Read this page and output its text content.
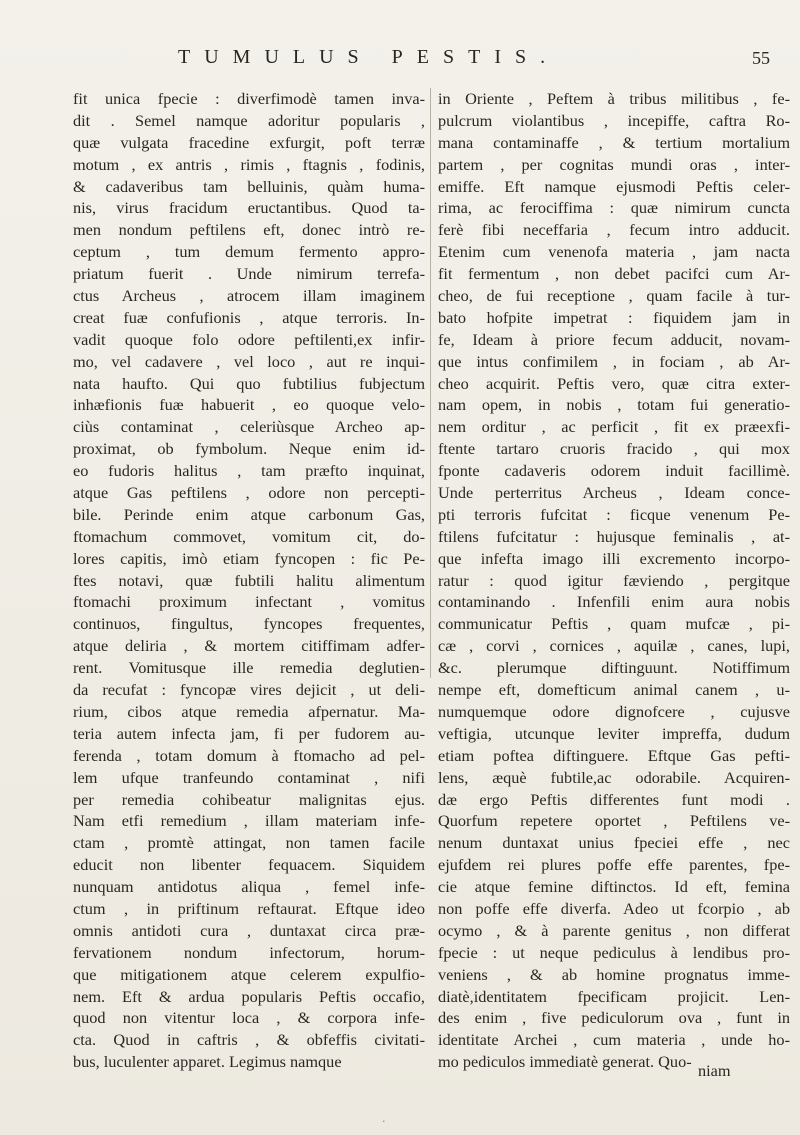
TUMULUS PESTIS.	55
fit unica fpecie : diverfimodè tamen inva-
dit . Semel namque adoritur popularis ,
quæ vulgata fracedine exfurgit, poft terræ
motum , ex antris , rimis , ftagnis , fodinis,
& cadaveribus tam belluinis, quàm huma-
nis, virus fracidum eructantibus. Quod ta-
men nondum peftilens eft, donec intrò re-
ceptum , tum demum fermento appro-
priatum fuerit . Unde nimirum terrefa-
ctus Archeus , atrocem illam imaginem
creat fuæ confufionis , atque terroris. In-
vadit quoque folo odore peftilenti,ex infir-
mo, vel cadavere , vel loco , aut re inqui-
nata haufto. Qui quo fubtilius fubjectum
inhæfionis fuæ habuerit , eo quoque velo-
ciùs contaminat , celeriùsque Archeo ap-
proximat, ob fymbolum. Neque enim id-
eo fudoris halitus , tam præfto inquinat,
atque Gas peftilens , odore non percepti-
bile. Perinde enim atque carbonum Gas,
ftomachum commovet, vomitum cit, do-
lores capitis, imò etiam fyncopen : fic Pe-
ftes notavi, quæ fubtili halitu alimentum
ftomachi proximum infectant , vomitus
continuos, fingultus, fyncopes frequentes,
atque deliria , & mortem citiffimam adfer-
rent. Vomitusque ille remedia deglutien-
da recufat : fyncopæ vires dejicit , ut deli-
rium, cibos atque remedia afpernatur. Ma-
teria autem infecta jam, fi per fudorem au-
ferenda , totam domum à ftomacho ad pel-
lem ufque tranfeundo contaminat , nifi
per remedia cohibeatur malignitas ejus.
Nam etfi remedium , illam materiam infe-
ctam , promtè attingat, non tamen facile
educit non libenter fequacem. Siquidem
nunquam antidotus aliqua , femel infe-
ctum , in priftinum reftaurat. Eftque ideo
omnis antidoti cura , duntaxat circa præ-
fervationem nondum infectorum, horum-
que mitigationem atque celerem expulfio-
nem. Eft & ardua popularis Peftis occafio,
quod non vitentur loca , & corpora infe-
cta. Quod in caftris , & obfeffis civitati-
bus, luculenter apparet. Legimus namque
in Oriente , Peftem à tribus militibus , fe-
pulcrum violantibus , incepiffe, caftra Ro-
mana contaminaffe , & tertium mortalium
partem , per cognitas mundi oras , inter-
emiffe. Eft namque ejusmodi Peftis celer-
rima, ac ferociffima : quæ nimirum cuncta
ferè fibi neceffaria , fecum intro adducit.
Etenim cum venenofa materia , jam nacta
fit fermentum , non debet pacifci cum Ar-
cheo, de fui receptione , quam facile à tur-
bato hofpite impetrat : fiquidem jam in
fe, Ideam à priore fecum adducit, novam-
que intus confimilem , in fociam , ab Ar-
cheo acquirit. Peftis vero, quæ citra exter-
nam opem, in nobis , totam fui generatio-
nem orditur , ac perficit , fit ex præexfi-
ftente tartaro cruoris fracido , qui mox
fponte cadaveris odorem induit facillimè.
Unde perterritus Archeus , Ideam conce-
pti terroris fufcitat : ficque venenum Pe-
ftilens fufcitatur : hujusque feminalis , at-
que infefta imago illi excremento incorpo-
ratur : quod igitur fæviendo , pergitque
contaminando . Infenfili enim aura nobis
communicatur Peftis , quam mufcæ , pi-
cæ , corvi , cornices , aquilæ , canes, lupi,
&c. plerumque diftinguunt. Notiffimum
nempe eft, domefticum animal canem , u-
numquemque odore dignofcere , cujusve
veftigia, utcunque leviter impreffa, dudum
etiam poftea diftinguere. Eftque Gas pefti-
lens, æquè fubtile,ac odorabile. Acquiren-
dæ ergo Peftis differentes funt modi .
Quorfum repetere oportet , Peftilens ve-
nenum duntaxat unius fpeciei effe , nec
ejufdem rei plures poffe effe parentes, fpe-
cie atque femine diftinctos. Id eft, femina
non poffe effe diverfa. Adeo ut fcorpio , ab
ocymo , & à parente genitus , non differat
fpecie : ut neque pediculus à lendibus pro-
veniens , & ab homine prognatus imme-
diatè,identitatem fpecificam projicit. Len-
des enim , five pediculorum ova , funt in
identitate Archei , cum materia , unde ho-
mo pediculos immediatè generat. Quo- niam
.
